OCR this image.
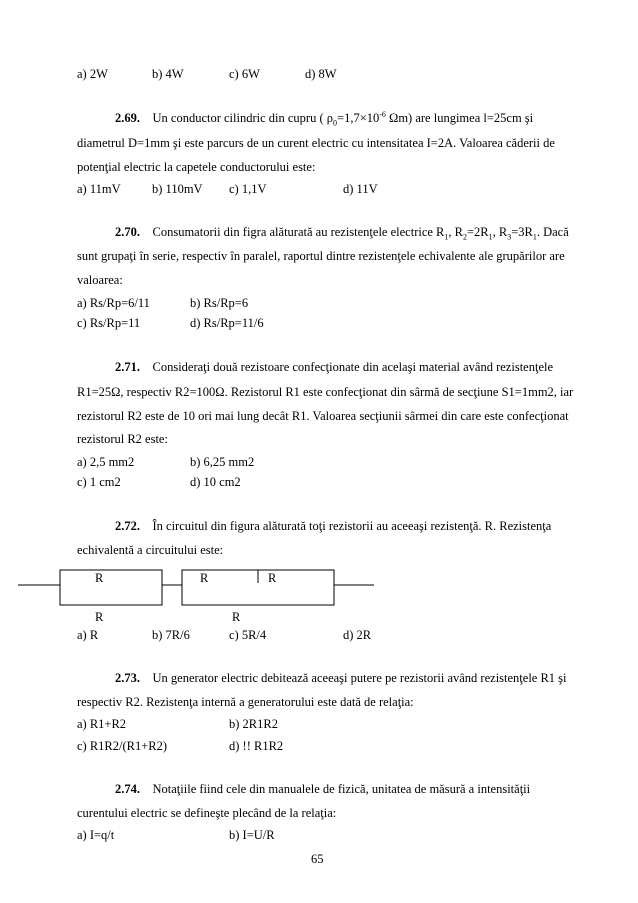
a) 2W	b) 4W	c) 6W	d) 8W
2.69. Un conductor cilindric din cupru ( $\rho_0=1,7\times 10^{-6}$ Ωm) are lungimea l=25cm şi
diametrul D=1mm şi este parcurs de un curent electric cu intensitatea I=2A. Valoarea căderii de
potenţial electric la capetele conductorului este:
a) 11mV	b) 110mV c) 1,1V	d) 11V
2.70. Consumatorii din figra alăturată au rezistenţele electrice $R_1$, $R_2=2R_1$, $R_3=3R_1$. Dacă
sunt grupaţi în serie, respectiv în paralel, raportul dintre rezistenţele echivalente ale grupărilor are
valoarea:
a) Rs/Rp=6/11	b) Rs/Rp=6
c) Rs/Rp=11	d) Rs/Rp=11/6
2.71. Consideraţi două rezistoare confecţionate din acelaşi material având rezistenţele
R1=25Ω, respectiv R2=100Ω. Rezistorul R1 este confecţionat din sârmă de secţiune S1=1mm2, iar
rezistorul R2 este de 10 ori mai lung decât R1. Valoarea secţiunii sârmei din care este confecţionat
rezistorul R2 este:
a) 2,5 mm2	b) 6,25 mm2
c) 1 cm2	d) 10 cm2
2.72. În circuitul din figura alăturată toţi rezistorii au aceeaşi rezistenţă. R. Rezistenţa
echivalentă a circuitului este:
R	R	R
R	R
a) R	b) 7R/6	c) 5R/4	d) 2R
2.73. Un generator electric debitează aceeaşi putere pe rezistorii având rezistenţele R1 şi
respectiv R2. Rezistenţa internă a generatorului este dată de relaţia:
a) R1+R2	b) 2R1R2
c) R1R2/(R1+R2)	d) !! R1R2
2.74. Notaţiile fiind cele din manualele de fizică, unitatea de măsură a intensităţii
curentului electric se defineşte plecând de la relaţia:
a) I=q/t	b) I=U/R
65
